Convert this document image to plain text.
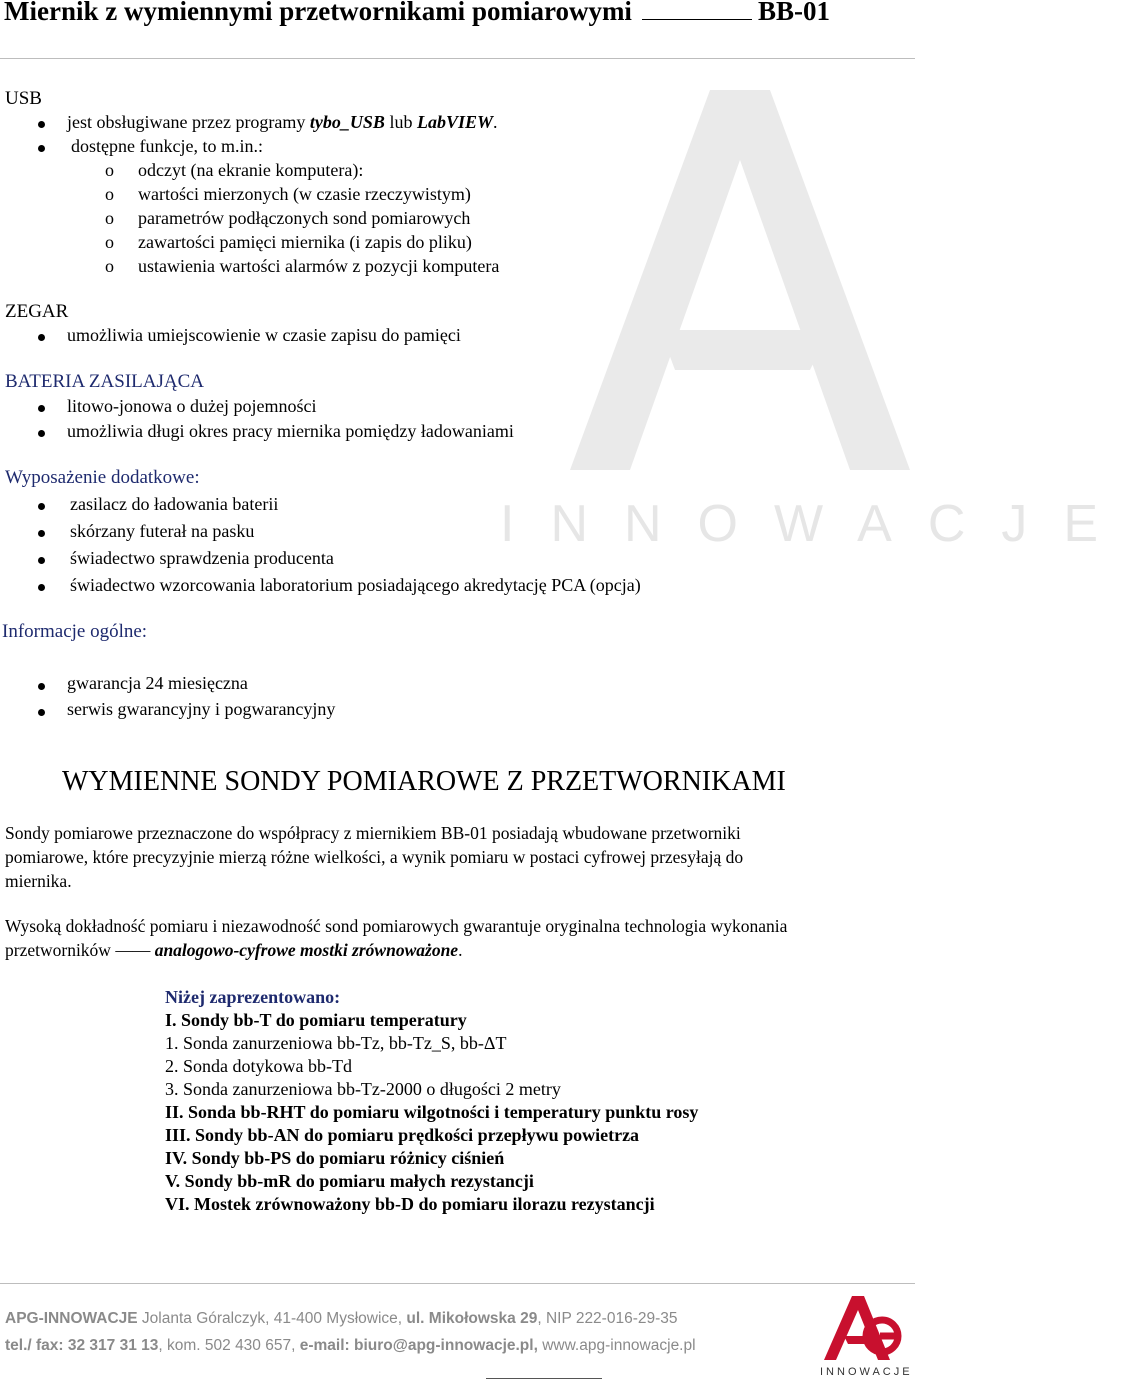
INNOWACJE
Miernik z wymiennymi przetwornikami pomiarowymi	BB-01
USB
jest obsługiwane przez programy tybo_USB lub LabVIEW.
dostępne funkcje, to m.in.:
o odczyt (na ekranie komputera):
o wartości mierzonych (w czasie rzeczywistym)
o parametrów podłączonych sond pomiarowych
o zawartości pamięci miernika (i zapis do pliku)
o ustawienia wartości alarmów z pozycji komputera
ZEGAR
umożliwia umiejscowienie w czasie zapisu do pamięci
BATERIA ZASILAJĄCA
litowo-jonowa o dużej pojemności
umożliwia długi okres pracy miernika pomiędzy ładowaniami
Wyposażenie dodatkowe:
zasilacz do ładowania baterii
skórzany futerał na pasku
świadectwo sprawdzenia producenta
świadectwo wzorcowania laboratorium posiadającego akredytację PCA (opcja)
Informacje ogólne:
gwarancja 24 miesięczna
serwis gwarancyjny i pogwarancyjny
WYMIENNE SONDY POMIAROWE Z PRZETWORNIKAMI
Sondy pomiarowe przeznaczone do współpracy z miernikiem BB-01 posiadają wbudowane przetworniki
pomiarowe, które precyzyjnie mierzą różne wielkości, a wynik pomiaru w postaci cyfrowej przesyłają do
miernika.
Wysoką dokładność pomiaru i niezawodność sond pomiarowych gwarantuje oryginalna technologia wykonania
przetworników —— analogowo-cyfrowe mostki zrównoważone.
Niżej zaprezentowano:
I. Sondy bb-T do pomiaru temperatury
1. Sonda zanurzeniowa bb-Tz, bb-Tz_S, bb-ΔT
2. Sonda dotykowa bb-Td
3. Sonda zanurzeniowa bb-Tz-2000 o długości 2 metry
II. Sonda bb-RHT do pomiaru wilgotności i temperatury punktu rosy
III. Sondy bb-AN do pomiaru prędkości przepływu powietrza
IV. Sondy bb-PS do pomiaru różnicy ciśnień
V. Sondy bb-mR do pomiaru małych rezystancji
VI. Mostek zrównoważony bb-D do pomiaru ilorazu rezystancji
APG-INNOWACJE Jolanta Góralczyk, 41-400 Mysłowice, ul. Mikołowska 29, NIP 222-016-29-35
tel./ fax: 32 317 31 13, kom. 502 430 657, e-mail: biuro@apg-innowacje.pl, www.apg-innowacje.pl
INNOWACJE
